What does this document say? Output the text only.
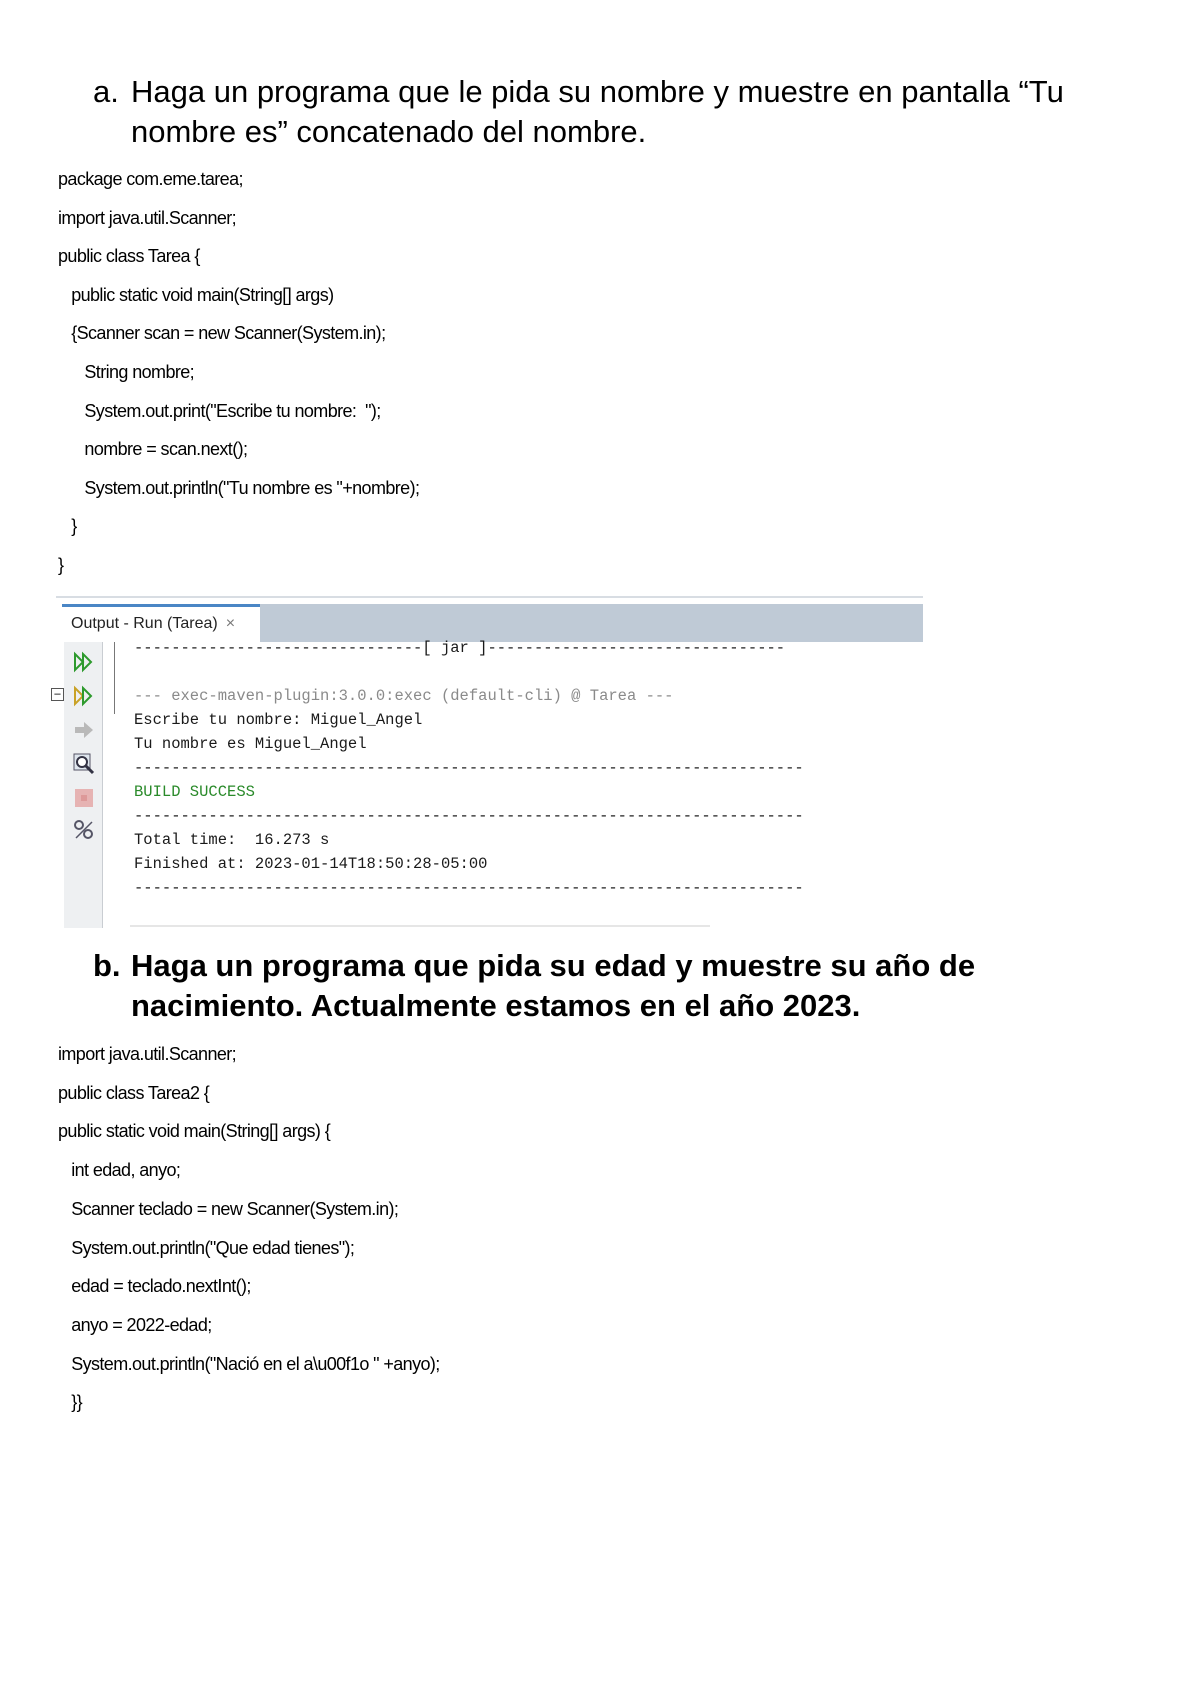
a. Haga un programa que le pida su nombre y muestre en pantalla “Tu nombre es” concatenado del nombre.
package com.eme.tarea;
import java.util.Scanner;
public class Tarea {
public static void main(String[] args)
{Scanner scan = new Scanner(System.in);
String nombre;
System.out.print("Escribe tu nombre:  ");
nombre = scan.next();
System.out.println("Tu nombre es "+nombre);
}
}
Output - Run (Tarea) ×
−
-------------------------------[ jar ]--------------------------------

--- exec-maven-plugin:3.0.0:exec (default-cli) @ Tarea ---
Escribe tu nombre: Miguel_Angel
Tu nombre es Miguel_Angel
------------------------------------------------------------------------
BUILD SUCCESS
------------------------------------------------------------------------
Total time:  16.273 s
Finished at: 2023-01-14T18:50:28-05:00
------------------------------------------------------------------------
b. Haga un programa que pida su edad y muestre su año de nacimiento. Actualmente estamos en el año 2023.
import java.util.Scanner;
public class Tarea2 {
public static void main(String[] args) {
int edad, anyo;
Scanner teclado = new Scanner(System.in);
System.out.println("Que edad tienes");
edad = teclado.nextInt();
anyo = 2022-edad;
System.out.println("Nació en el a\u00f1o " +anyo);
}}
